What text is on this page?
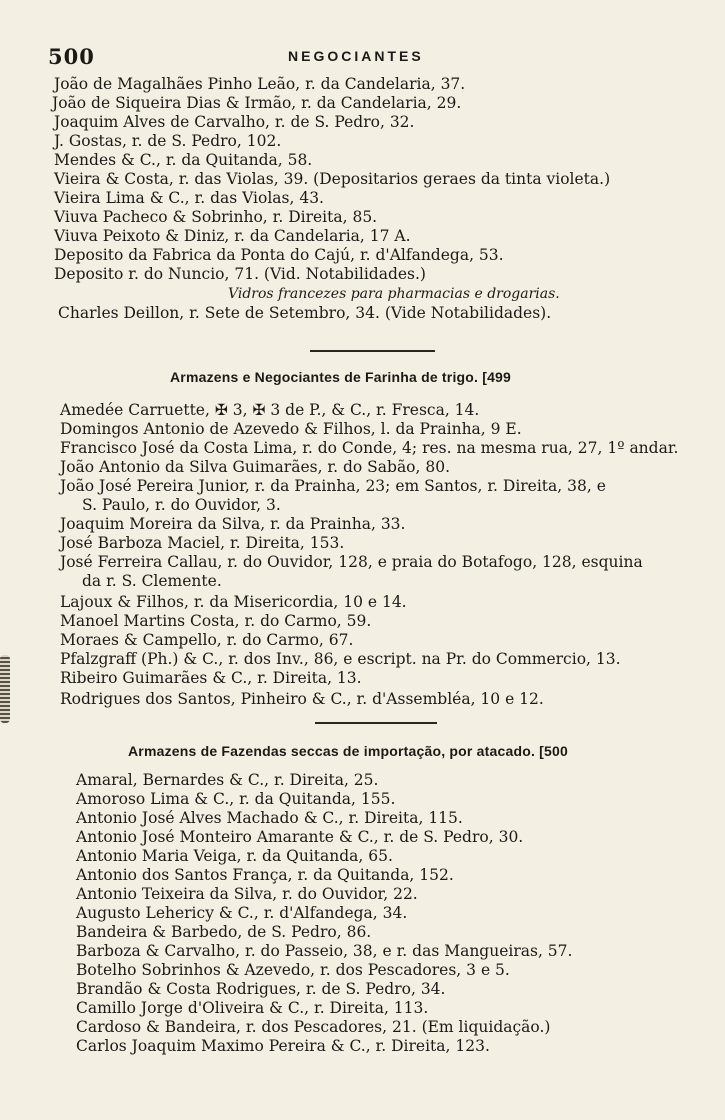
500	NEGOCIANTES
João de Magalhães Pinho Leão, r. da Candelaria, 37.
João de Siqueira Dias & Irmão, r. da Candelaria, 29.
Joaquim Alves de Carvalho, r. de S. Pedro, 32.
J. Gostas, r. de S. Pedro, 102.
Mendes & C., r. da Quitanda, 58.
Vieira & Costa, r. das Violas, 39. (Depositarios geraes da tinta violeta.)
Vieira Lima & C., r. das Violas, 43.
Viuva Pacheco & Sobrinho, r. Direita, 85.
Viuva Peixoto & Diniz, r. da Candelaria, 17 A.
Deposito da Fabrica da Ponta do Cajú, r. d'Alfandega, 53.
Deposito r. do Nuncio, 71. (Vid. Notabilidades.)
Vidros francezes para pharmacias e drogarias.
Charles Deillon, r. Sete de Setembro, 34. (Vide Notabilidades).
Armazens e Negociantes de Farinha de trigo. [499
Amedée Carruette, ✠ 3, ✠ 3 de P., & C., r. Fresca, 14.
Domingos Antonio de Azevedo & Filhos, l. da Prainha, 9 E.
Francisco José da Costa Lima, r. do Conde, 4; res. na mesma rua, 27, 1º andar.
João Antonio da Silva Guimarães, r. do Sabão, 80.
João José Pereira Junior, r. da Prainha, 23; em Santos, r. Direita, 38, e
S. Paulo, r. do Ouvidor, 3.
Joaquim Moreira da Silva, r. da Prainha, 33.
José Barboza Maciel, r. Direita, 153.
José Ferreira Callau, r. do Ouvidor, 128, e praia do Botafogo, 128, esquina
da r. S. Clemente.
Lajoux & Filhos, r. da Misericordia, 10 e 14.
Manoel Martins Costa, r. do Carmo, 59.
Moraes & Campello, r. do Carmo, 67.
Pfalzgraff (Ph.) & C., r. dos Inv., 86, e escript. na Pr. do Commercio, 13.
Ribeiro Guimarães & C., r. Direita, 13.
Rodrigues dos Santos, Pinheiro & C., r. d'Assembléa, 10 e 12.
Armazens de Fazendas seccas de importação, por atacado. [500
Amaral, Bernardes & C., r. Direita, 25.
Amoroso Lima & C., r. da Quitanda, 155.
Antonio José Alves Machado & C., r. Direita, 115.
Antonio José Monteiro Amarante & C., r. de S. Pedro, 30.
Antonio Maria Veiga, r. da Quitanda, 65.
Antonio dos Santos França, r. da Quitanda, 152.
Antonio Teixeira da Silva, r. do Ouvidor, 22.
Augusto Lehericy & C., r. d'Alfandega, 34.
Bandeira & Barbedo, de S. Pedro, 86.
Barboza & Carvalho, r. do Passeio, 38, e r. das Mangueiras, 57.
Botelho Sobrinhos & Azevedo, r. dos Pescadores, 3 e 5.
Brandão & Costa Rodrigues, r. de S. Pedro, 34.
Camillo Jorge d'Oliveira & C., r. Direita, 113.
Cardoso & Bandeira, r. dos Pescadores, 21. (Em liquidação.)
Carlos Joaquim Maximo Pereira & C., r. Direita, 123.
